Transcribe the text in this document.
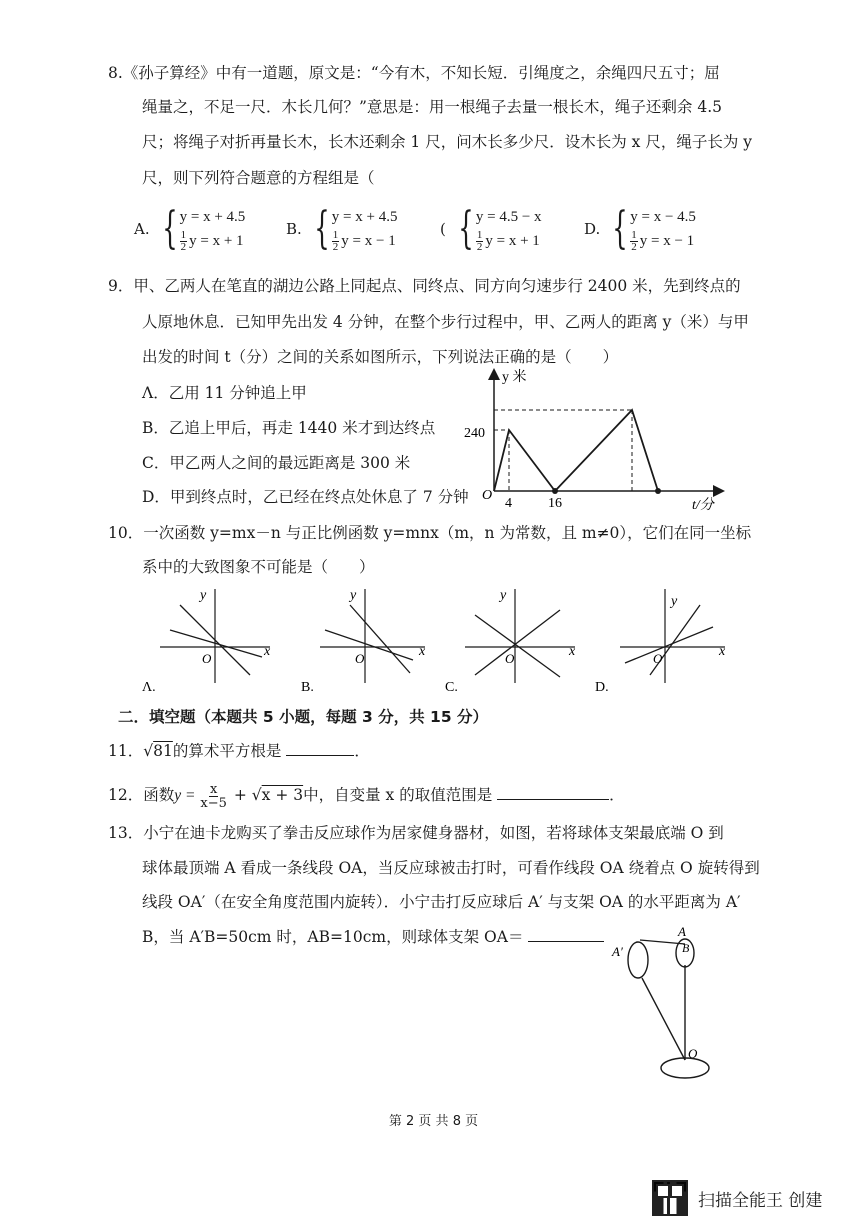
8.《孙子算经》中有一道题，原文是：“今有木，不知长短．引绳度之，余绳四尺五寸；屈
绳量之，不足一尺．木长几何？”意思是：用一根绳子去量一根长木，绳子还剩余 4.5
尺；将绳子对折再量长木，长木还剩余 1 尺，问木长多少尺．设木长为 x 尺，绳子长为 y
尺，则下列符合题意的方程组是（
A. { y = x + 4.5
$\frac{1}{2}$ y = x + 1
B. { y = x + 4.5
$\frac{1}{2}$ y = x − 1
( { y = 4.5 − x
$\frac{1}{2}$ y = x + 1
D. { y = x − 4.5
$\frac{1}{2}$ y = x − 1
9．甲、乙两人在笔直的湖边公路上同起点、同终点、同方向匀速步行 2400 米，先到终点的
人原地休息．已知甲先出发 4 分钟，在整个步行过程中，甲、乙两人的距离 y（米）与甲
出发的时间 t（分）之间的关系如图所示，下列说法正确的是（　　）
Λ．乙用 11 分钟追上甲
B．乙追上甲后，再走 1440 米才到达终点
C．甲乙两人之间的最远距离是 300 米
D．甲到终点时，乙已经在终点处休息了 7 分钟
y 米
t/分
O
240
4	16
10．一次函数 y=mx－n 与正比例函数 y=mnx（m，n 为常数，且 m≠0），它们在同一坐标
系中的大致图象不可能是（　　）
y
x
O
Λ.
y
x
O
B.
y
x
O
C.
y
x
O
D.
二．填空题（本题共 5 小题，每题 3 分，共 15 分）
11．√81的算术平方根是	．
12．函数$y = \frac{x}{x-5} + √x + 3$中，自变量 x 的取值范围是	．
13．小宁在迪卡龙购买了拳击反应球作为居家健身器材，如图，若将球体支架最底端 O 到
球体最顶端 A 看成一条线段 OA，当反应球被击打时，可看作线段 OA 绕着点 O 旋转得到
线段 OA′（在安全角度范围内旋转）．小宁击打反应球后 A′ 与支架 OA 的水平距离为 A′
B，当 A′B=50cm 时，AB=10cm，则球体支架 OA＝
A′
A
B
O
第 2 页 共 8 页
扫描全能王 创建
